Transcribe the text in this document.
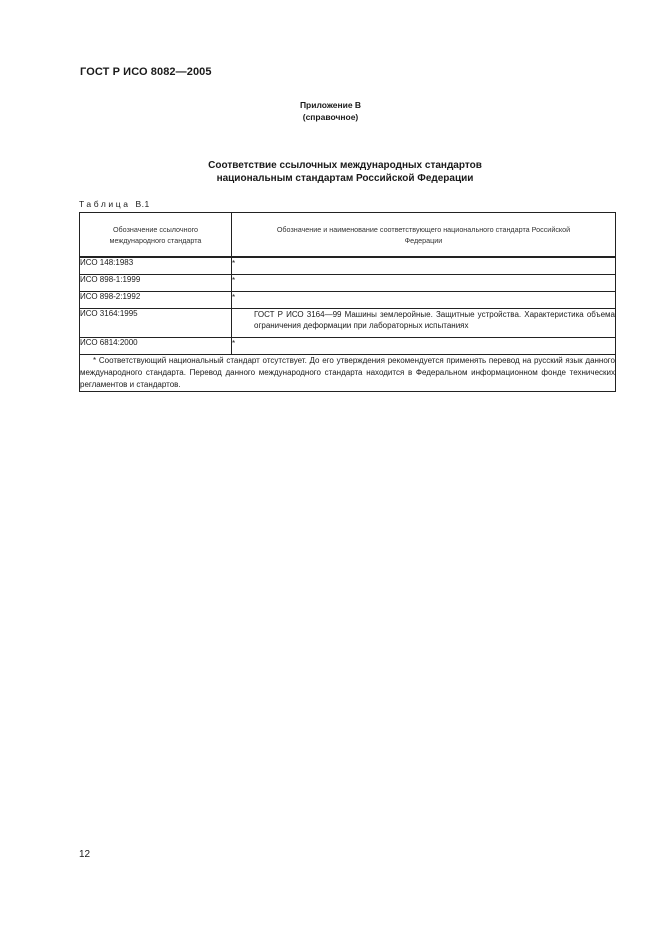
ГОСТ Р ИСО 8082—2005
Приложение В
(справочное)
Соответствие ссылочных международных стандартов
национальным стандартам Российской Федерации
Таблица В.1
Обозначение ссылочного международного стандарта	Обозначение и наименование соответствующего национального стандарта Российской Федерации

ИСО 148:1983	*
ИСО 898-1:1999	*
ИСО 898-2:1992	*
ИСО 3164:1995	ГОСТ Р ИСО 3164—99 Машины землеройные. Защитные устройства. Характеристика объема ограничения деформации при лабораторных испытаниях
ИСО 6814:2000	*
* Соответствующий национальный стандарт отсутствует. До его утверждения рекомендуется применять перевод на русский язык данного международного стандарта. Перевод данного международного стандарта находится в Федеральном информационном фонде технических регламентов и стандартов.	
12
